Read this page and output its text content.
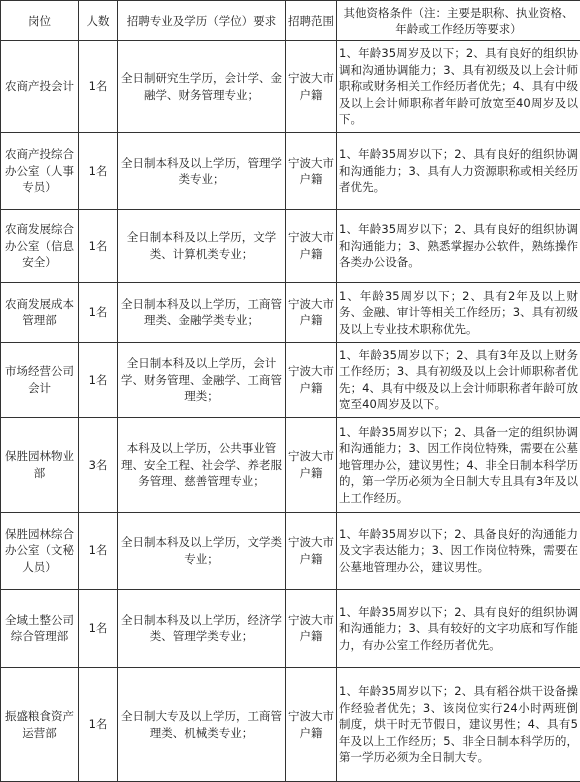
岗位	人数	招聘专业及学历（学位）要求	招聘范围	其他资格条件（注：主要是职称、执业资格、年龄或工作经历等要求）
农商产投会计	1名	全日制研究生学历，会计学、金融学、财务管理专业；	宁波大市户籍	1、年龄35周岁及以下；2、具有良好的组织协调和沟通协调能力；3、具有初级及以上会计师职称或财务相关工作经历者优先；4、具有中级及以上会计师职称者年龄可放宽至40周岁及以下。
农商产投综合办公室（人事专员）	1名	全日制本科及以上学历，管理学类专业；	宁波大市户籍	1、年龄35周岁以下；2、具有良好的组织协调和沟通能力；3、具有人力资源职称或相关经历者优先。
农商发展综合办公室（信息安全）	1名	全日制本科及以上学历，文学类、计算机类专业；	宁波大市户籍	1、年龄35周岁以下；2、具有良好的组织协调和沟通能力；3、熟悉掌握办公软件，熟练操作各类办公设备。
农商发展成本管理部	1名	全日制本科及以上学历，工商管理类、金融学类专业；	宁波大市户籍	1、年龄35周岁以下；2、具有2年及以上财务、金融、审计等相关工作经历；3、具有初级及以上专业技术职称优先。
市场经营公司会计	1名	全日制本科及以上学历，会计学、财务管理、金融学、工商管理类；	宁波大市户籍	1、年龄35周岁以下；2、具有3年及以上财务工作经历；3、具有初级及以上会计师职称者优先；4、具有中级及以上会计师职称者年龄可放宽至40周岁及以下。
保胜园林物业部	3名	本科及以上学历，公共事业管理、安全工程、社会学、养老服务管理、慈善管理专业；	宁波大市户籍	1、年龄35周岁以下；2、具备一定的组织协调和沟通能力；3、因工作岗位特殊，需要在公墓地管理办公，建议男性；4、非全日制本科学历的，第一学历必须为全日制大专且具有3年及以上工作经历。
保胜园林综合办公室（文秘人员）	1名	全日制本科及以上学历，文学类专业；	宁波大市户籍	1、年龄35周岁以下；2、具备良好的沟通能力及文字表达能力；3、因工作岗位特殊，需要在公墓地管理办公，建议男性。
全域土整公司综合管理部	1名	全日制本科及以上学历，经济学类、管理学类专业；	宁波大市户籍	1、年龄35周岁以下；2、具有良好的组织协调和沟通能力；3、具有较好的文字功底和写作能力，有办公室工作经历者优先。
振盛粮食资产运营部	1名	全日制大专及以上学历，工商管理类、机械类专业；	宁波大市户籍	1、年龄35周岁以下；2、具有稻谷烘干设备操作经验者优先；3、该岗位实行24小时两班倒制度，烘干时无节假日，建议男性；4、具有5年及以上工作经历；5、非全日制本科学历的，第一学历必须为全日制大专。
